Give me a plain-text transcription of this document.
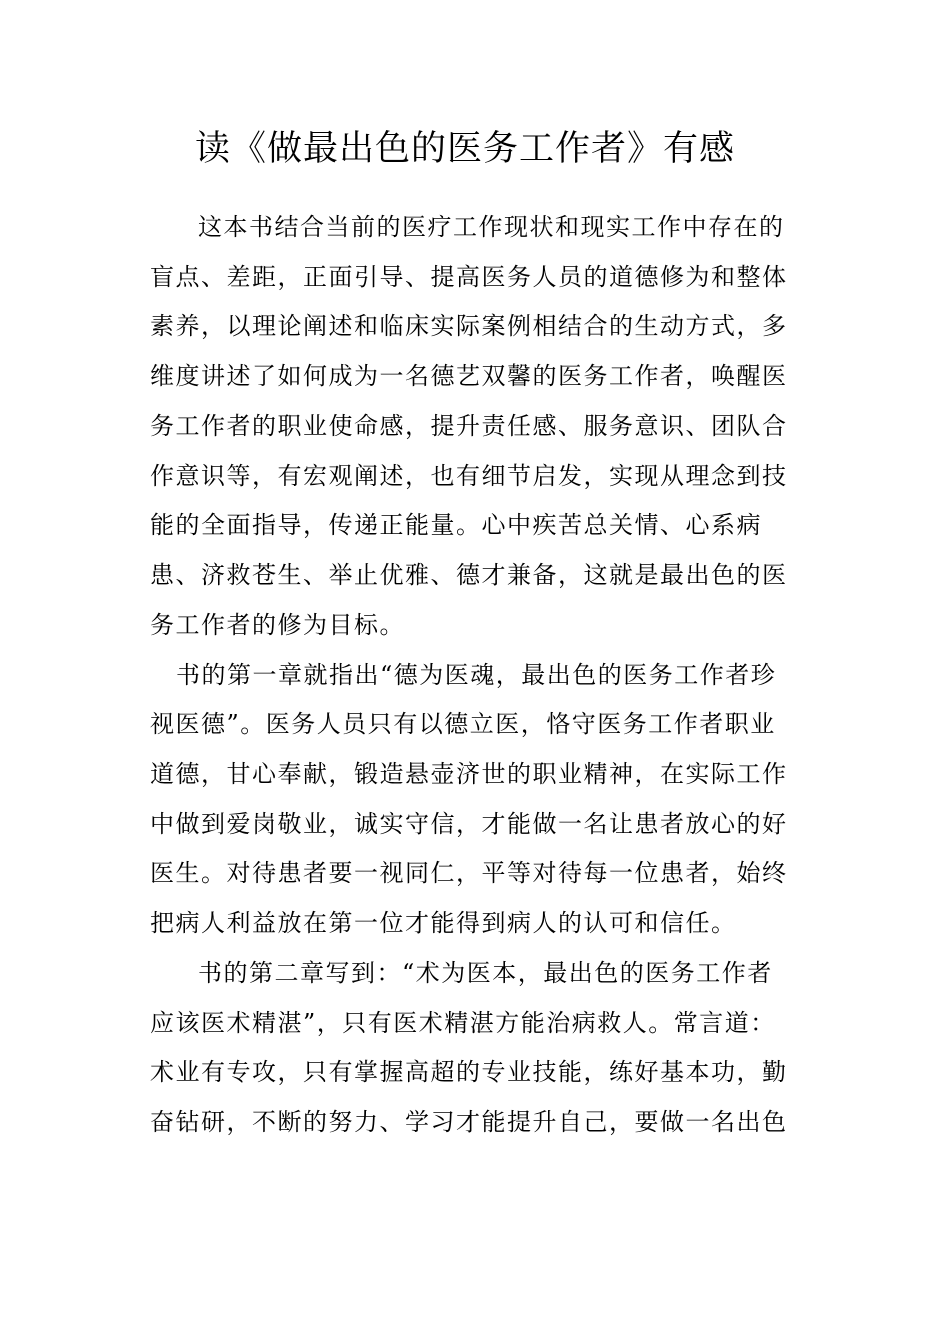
读《做最出色的医务工作者》有感

这本书结合当前的医疗工作现状和现实工作中存在的

盲点、差距，正面引导、提高医务人员的道德修为和整体

素养，以理论阐述和临床实际案例相结合的生动方式，多

维度讲述了如何成为一名德艺双馨的医务工作者，唤醒医

务工作者的职业使命感，提升责任感、服务意识、团队合

作意识等，有宏观阐述，也有细节启发，实现从理念到技

能的全面指导，传递正能量。心中疾苦总关情、心系病

患、济救苍生、举止优雅、德才兼备，这就是最出色的医

务工作者的修为目标。

书的第一章就指出“德为医魂，最出色的医务工作者珍

视医德”。医务人员只有以德立医，恪守医务工作者职业

道德，甘心奉献，锻造悬壶济世的职业精神，在实际工作

中做到爱岗敬业，诚实守信，才能做一名让患者放心的好

医生。对待患者要一视同仁，平等对待每一位患者，始终

把病人利益放在第一位才能得到病人的认可和信任。

书的第二章写到：“术为医本，最出色的医务工作者

应该医术精湛”，只有医术精湛方能治病救人。常言道：

术业有专攻，只有掌握高超的专业技能，练好基本功，勤

奋钻研，不断的努力、学习才能提升自己，要做一名出色
